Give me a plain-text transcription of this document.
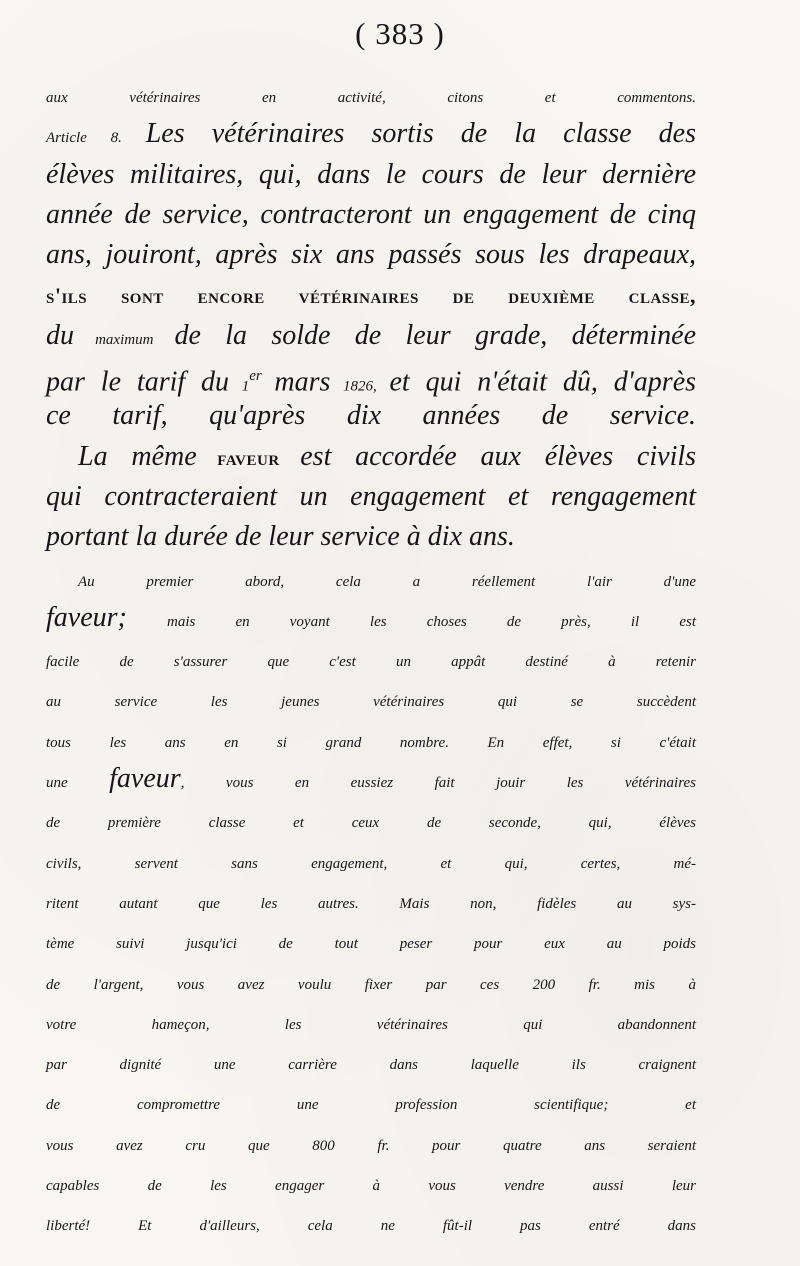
( 383 )
aux vétérinaires en activité, citons et commentons.
Article 8. Les vétérinaires sortis de la classe des
élèves militaires, qui, dans le cours de leur dernière
année de service, contracteront un engagement de cinq
ans, jouiront, après six ans passés sous les drapeaux,
s'ils sont encore vétérinaires de deuxième classe,
du maximum de la solde de leur grade, déterminée
par le tarif du 1er mars 1826, et qui n'était dû, d'après
ce tarif, qu'après dix années de service.
La même faveur est accordée aux élèves civils
qui contracteraient un engagement et rengagement
portant la durée de leur service à dix ans.
Au premier abord, cela a réellement l'air d'une
faveur; mais en voyant les choses de près, il est
facile de s'assurer que c'est un appât destiné à retenir
au service les jeunes vétérinaires qui se succèdent
tous les ans en si grand nombre. En effet, si c'était
une faveur, vous en eussiez fait jouir les vétérinaires
de première classe et ceux de seconde, qui, élèves
civils, servent sans engagement, et qui, certes, mé-
ritent autant que les autres. Mais non, fidèles au sys-
tème suivi jusqu'ici de tout peser pour eux au poids
de l'argent, vous avez voulu fixer par ces 200 fr. mis à
votre hameçon, les vétérinaires qui abandonnent
par dignité une carrière dans laquelle ils craignent
de compromettre une profession scientifique; et
vous avez cru que 800 fr. pour quatre ans seraient
capables de les engager à vous vendre aussi leur
liberté! Et d'ailleurs, cela ne fût-il pas entré dans
